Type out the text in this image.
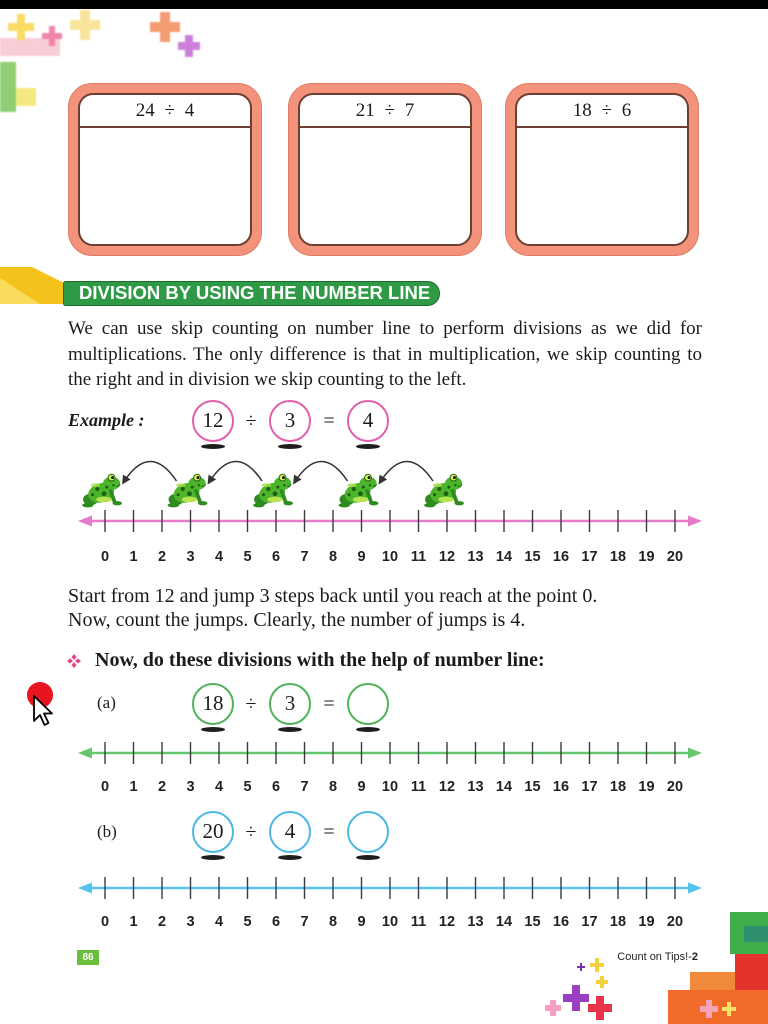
24 ÷ 4	21 ÷ 7	18 ÷ 6
DIVISION BY USING THE NUMBER LINE
We can use skip counting on number line to perform divisions as we did for multiplications. The only difference is that in multiplication, we skip counting to the right and in division we skip counting to the left.
Example :	12	÷	3	=	4
0 1 2 3 4 5 6 7 8 9 10 11 12 13 14 15 16 17 18 19 20
Start from 12 and jump 3 steps back until you reach at the point 0.
Now, count the jumps. Clearly, the number of jumps is 4.
Now, do these divisions with the help of number line:
(a)	18	÷	3	=
0 1 2 3 4 5 6 7 8 9 10 11 12 13 14 15 16 17 18 19 20
(b)	20	÷	4	=
0 1 2 3 4 5 6 7 8 9 10 11 12 13 14 15 16 17 18 19 20
86	Count on Tips!-2
